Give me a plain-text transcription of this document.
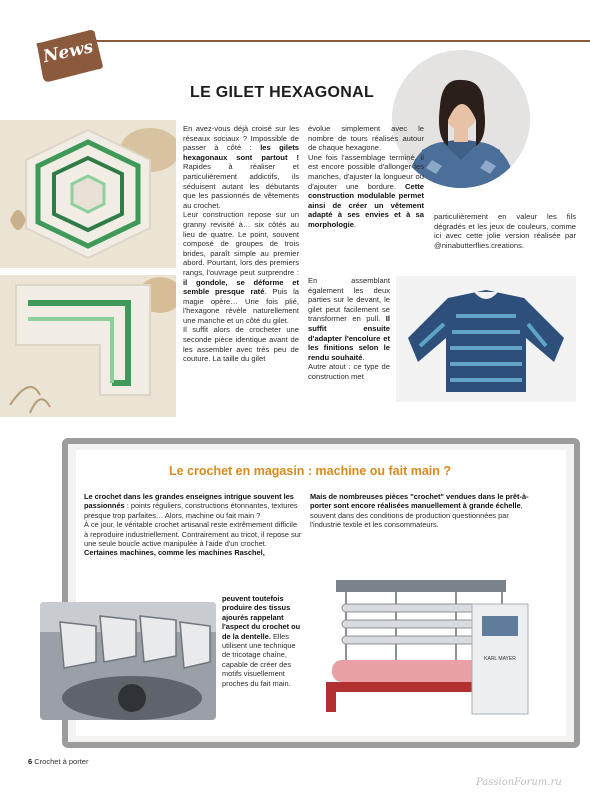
News
LE GILET HEXAGONAL

En avez-vous déjà croisé sur les réseaux sociaux ? Impossible de passer à côté : les gilets hexagonaux sont partout ! Rapides à réaliser et particulièrement addictifs, ils séduisent autant les débutants que les passionnés de vêtements au crochet.

Leur construction repose sur un granny revisité à… six côtés au lieu de quatre. Le point, souvent composé de groupes de trois brides, paraît simple au premier abord. Pourtant, lors des premiers rangs, l'ouvrage peut surprendre : il gondole, se déforme et semble presque raté. Puis la magie opère… Une fois plié, l'hexagone révèle naturellement une manche et un côté du gilet.

Il suffit alors de crocheter une seconde pièce identique avant de les assembler avec très peu de couture. La taille du gilet

évolue simplement avec le nombre de tours réalisés autour de chaque hexagone.

Une fois l'assemblage terminé, il est encore possible d'allonger les manches, d'ajuster la longueur ou d'ajouter une bordure. Cette construction modulable permet ainsi de créer un vêtement adapté à ses envies et à sa morphologie.

En assemblant également les deux parties sur le devant, le gilet peut facilement se transformer en pull. Il suffit ensuite d'adapter l'encolure et les finitions selon le rendu souhaité.

Autre atout : ce type de construction met

particulièrement en valeur les fils dégradés et les jeux de couleurs, comme ici avec cette jolie version réalisée par @ninabutterflies.creations.

Le crochet en magasin : machine ou fait main ?

Le crochet dans les grandes enseignes intrigue souvent les passionnés : points réguliers, constructions étonnantes, textures presque trop parfaites… Alors, machine ou fait main ?

À ce jour, le véritable crochet artisanal reste extrêmement difficile à reproduire industriellement. Contrairement au tricot, il repose sur une seule boucle active manipulée à l'aide d'un crochet.

Certaines machines, comme les machines Raschel,

peuvent toutefois produire des tissus ajourés rappelant l'aspect du crochet ou de la dentelle. Elles utilisent une technique de tricotage chaîne, capable de créer des motifs visuellement proches du fait main.

Mais de nombreuses pièces "crochet" vendues dans le prêt-à-porter sont encore réalisées manuellement à grande échelle, souvent dans des conditions de production questionnées par l'industrie textile et les consommateurs.

KARL MAYER
6 Crochet à porter
PassionForum.ru
